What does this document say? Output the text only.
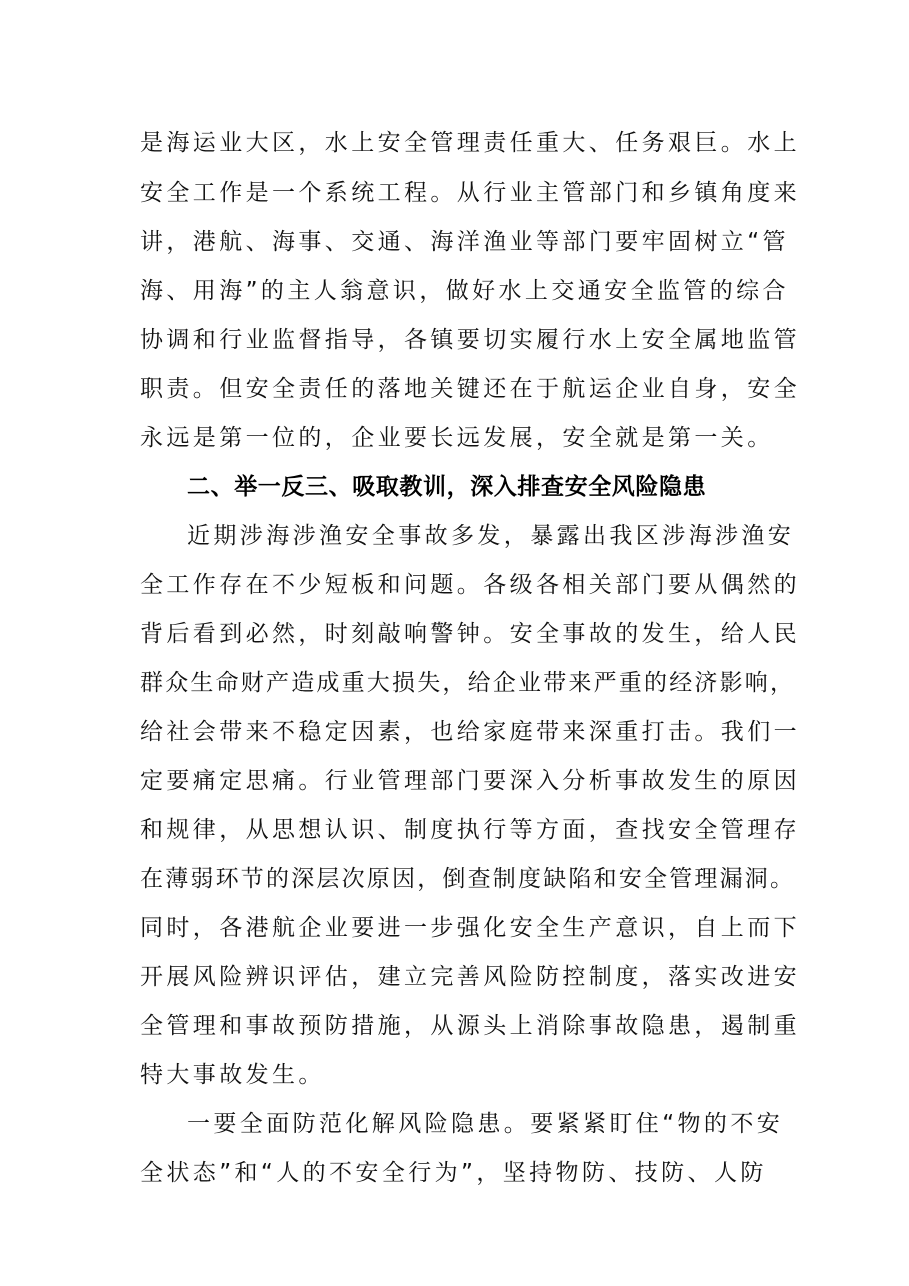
是海运业大区，水上安全管理责任重大、任务艰巨。水上
安全工作是一个系统工程。从行业主管部门和乡镇角度来
讲，港航、海事、交通、海洋渔业等部门要牢固树立“管
海、用海”的主人翁意识，做好水上交通安全监管的综合
协调和行业监督指导，各镇要切实履行水上安全属地监管
职责。但安全责任的落地关键还在于航运企业自身，安全
永远是第一位的，企业要长远发展，安全就是第一关。
二、举一反三、吸取教训，深入排查安全风险隐患
近期涉海涉渔安全事故多发，暴露出我区涉海涉渔安
全工作存在不少短板和问题。各级各相关部门要从偶然的
背后看到必然，时刻敲响警钟。安全事故的发生，给人民
群众生命财产造成重大损失，给企业带来严重的经济影响，
给社会带来不稳定因素，也给家庭带来深重打击。我们一
定要痛定思痛。行业管理部门要深入分析事故发生的原因
和规律，从思想认识、制度执行等方面，查找安全管理存
在薄弱环节的深层次原因，倒查制度缺陷和安全管理漏洞。
同时，各港航企业要进一步强化安全生产意识，自上而下
开展风险辨识评估，建立完善风险防控制度，落实改进安
全管理和事故预防措施，从源头上消除事故隐患，遏制重
特大事故发生。
一要全面防范化解风险隐患。要紧紧盯住“物的不安
全状态”和“人的不安全行为”，坚持物防、技防、人防
